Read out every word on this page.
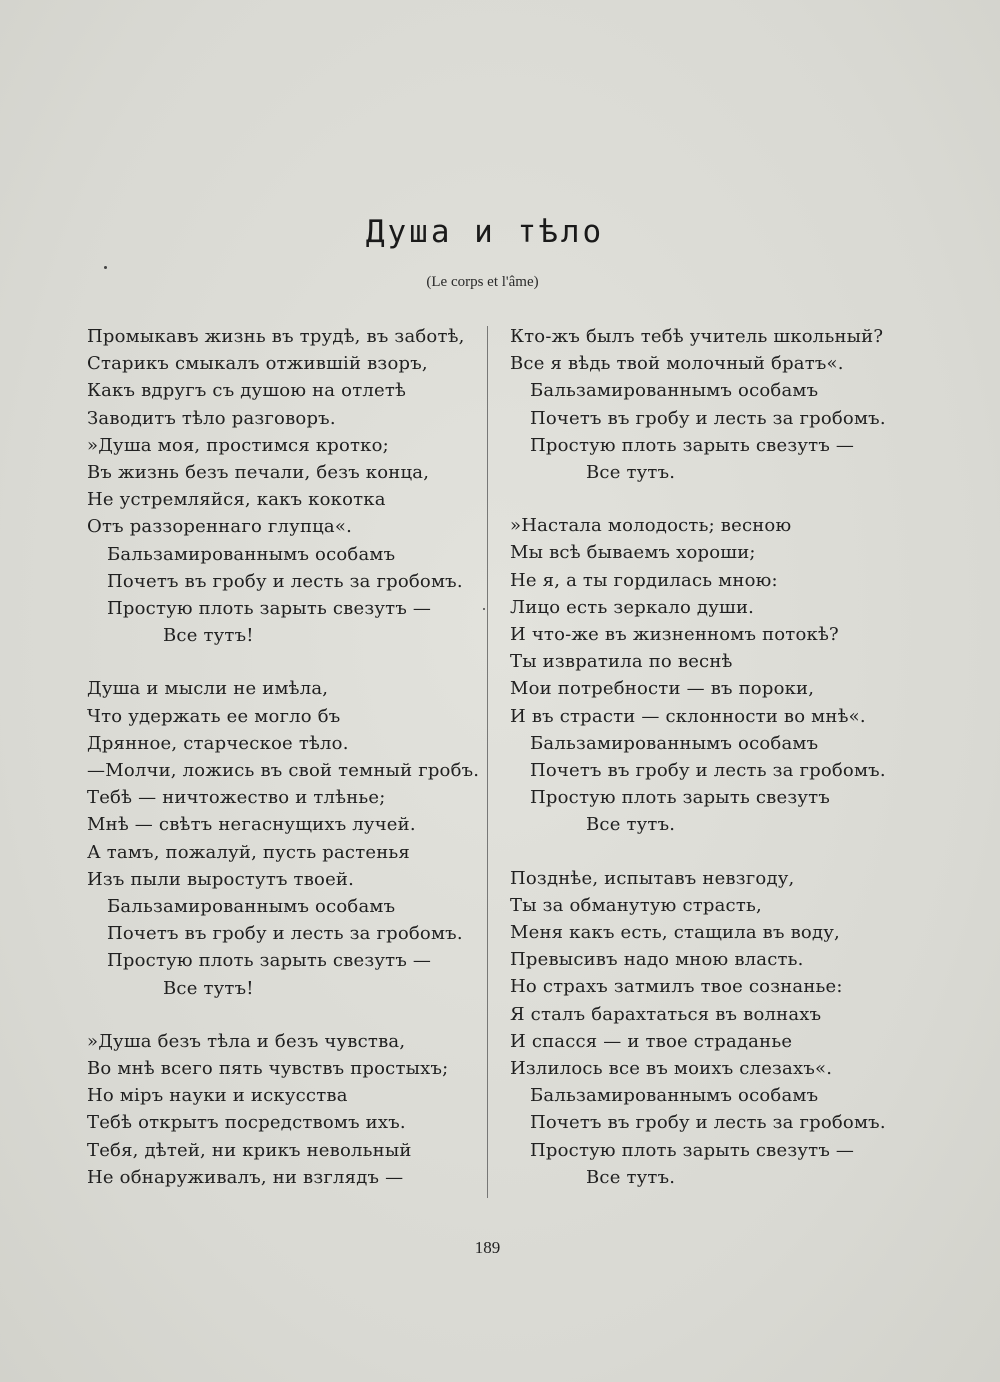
Душа и тѣло
(Le corps et l'âme)
Промыкавъ жизнь въ трудѣ, въ заботѣ,
Старикъ смыкалъ отжившій взоръ,
Какъ вдругъ съ душою на отлетѣ
Заводитъ тѣло разговоръ.
»Душа моя, простимся кротко;
Въ жизнь безъ печали, безъ конца,
Не устремляйся, какъ кокотка
Отъ раззореннаго глупца«.
Бальзамированнымъ особамъ
Почетъ въ гробу и лесть за гробомъ.
Простую плоть зарыть свезутъ —
Все тутъ!
Душа и мысли не имѣла,
Что удержать ее могло бъ
Дрянное, старческое тѣло.
—Молчи, ложись въ свой темный гробъ.
Тебѣ — ничтожество и тлѣнье;
Мнѣ — свѣтъ негаснущихъ лучей.
А тамъ, пожалуй, пусть растенья
Изъ пыли выростутъ твоей.
Бальзамированнымъ особамъ
Почетъ въ гробу и лесть за гробомъ.
Простую плоть зарыть свезутъ —
Все тутъ!
»Душа безъ тѣла и безъ чувства,
Во мнѣ всего пять чувствъ простыхъ;
Но міръ науки и искусства
Тебѣ открытъ посредствомъ ихъ.
Тебя, дѣтей, ни крикъ невольный
Не обнаруживалъ, ни взглядъ —
Кто-жъ былъ тебѣ учитель школьный?
Все я вѣдь твой молочный братъ«.
Бальзамированнымъ особамъ
Почетъ въ гробу и лесть за гробомъ.
Простую плоть зарыть свезутъ —
Все тутъ.
»Настала молодость; весною
Мы всѣ бываемъ хороши;
Не я, а ты гордилась мною:
Лицо есть зеркало души.
И что-же въ жизненномъ потокѣ?
Ты извратила по веснѣ
Мои потребности — въ пороки,
И въ страсти — склонности во мнѣ«.
Бальзамированнымъ особамъ
Почетъ въ гробу и лесть за гробомъ.
Простую плоть зарыть свезутъ
Все тутъ.
Позднѣе, испытавъ невзгоду,
Ты за обманутую страсть,
Меня какъ есть, стащила въ воду,
Превысивъ надо мною власть.
Но страхъ затмилъ твое сознанье:
Я сталъ барахтаться въ волнахъ
И спасся — и твое страданье
Излилось все въ моихъ слезахъ«.
Бальзамированнымъ особамъ
Почетъ въ гробу и лесть за гробомъ.
Простую плоть зарыть свезутъ —
Все тутъ.
189
